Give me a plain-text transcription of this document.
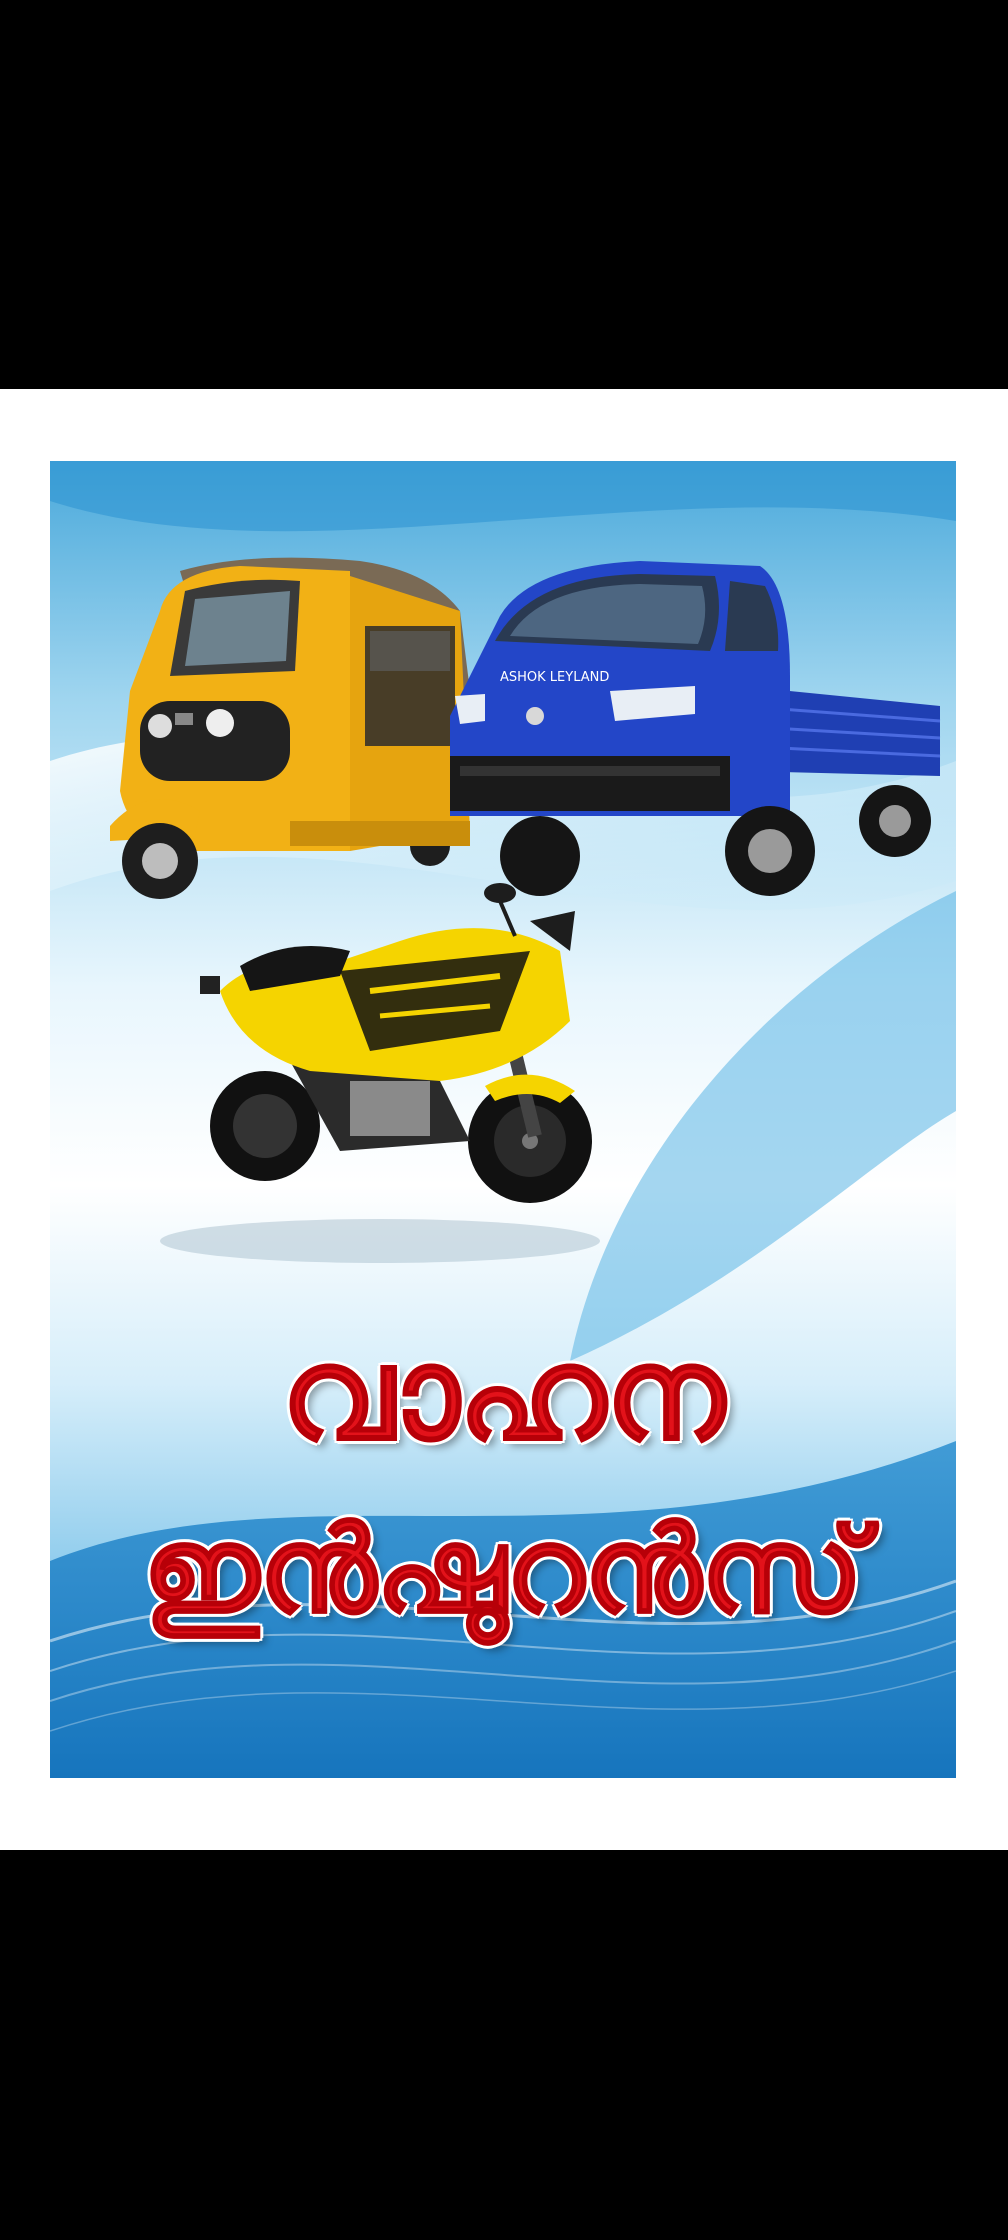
ASHOK LEYLAND
വാഹന
ഇൻഷുറൻസ്
